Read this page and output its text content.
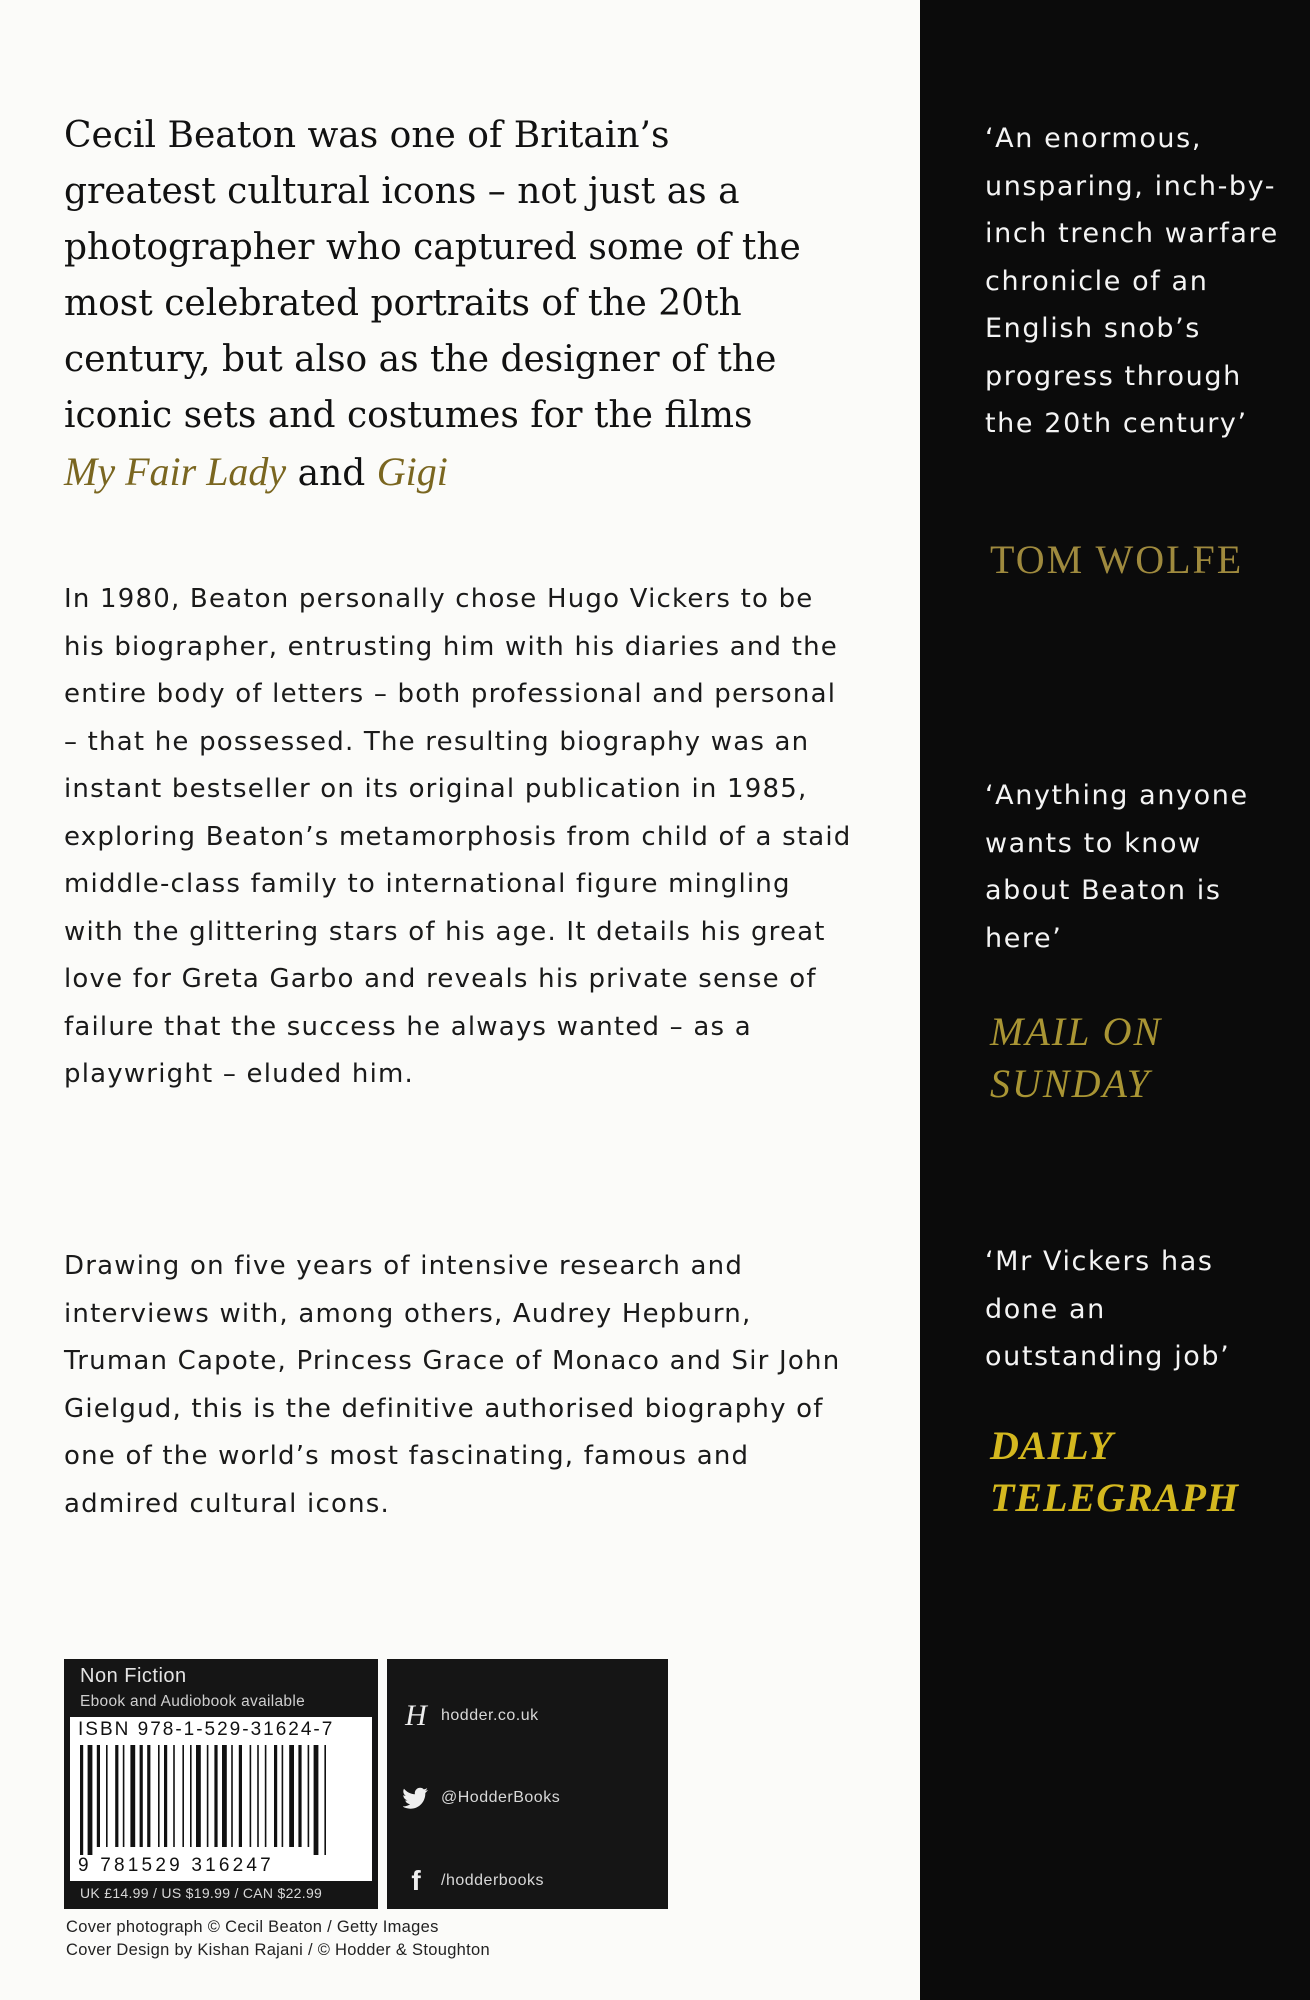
Cecil Beaton was one of Britain’s greatest cultural icons – not just as a photographer who captured some of the most celebrated portraits of the 20th century, but also as the designer of the iconic sets and costumes for the films My Fair Lady and Gigi

In 1980, Beaton personally chose Hugo Vickers to be his biographer, entrusting him with his diaries and the entire body of letters – both professional and personal – that he possessed. The resulting biography was an instant bestseller on its original publication in 1985, exploring Beaton’s metamorphosis from child of a staid middle-class family to international figure mingling with the glittering stars of his age. It details his great love for Greta Garbo and reveals his private sense of failure that the success he always wanted – as a playwright – eluded him.

Drawing on five years of intensive research and interviews with, among others, Audrey Hepburn, Truman Capote, Princess Grace of Monaco and Sir John Gielgud, this is the definitive authorised biography of one of the world’s most fascinating, famous and admired cultural icons.

Non Fiction

Ebook and Audiobook available

ISBN 978-1-529-31624-7

9 781529 316247

UK £14.99 / US $19.99 / CAN $22.99

H hodder.co.uk
@HodderBooks
f /hodderbooks

Cover photograph © Cecil Beaton / Getty Images

Cover Design by Kishan Rajani / © Hodder & Stoughton

‘An enormous, unsparing, inch-by-inch trench warfare chronicle of an English snob’s progress through the 20th century’

TOM WOLFE

‘Anything anyone wants to know about Beaton is here’

MAIL ON SUNDAY

‘Mr Vickers has done an outstanding job’

DAILY TELEGRAPH
